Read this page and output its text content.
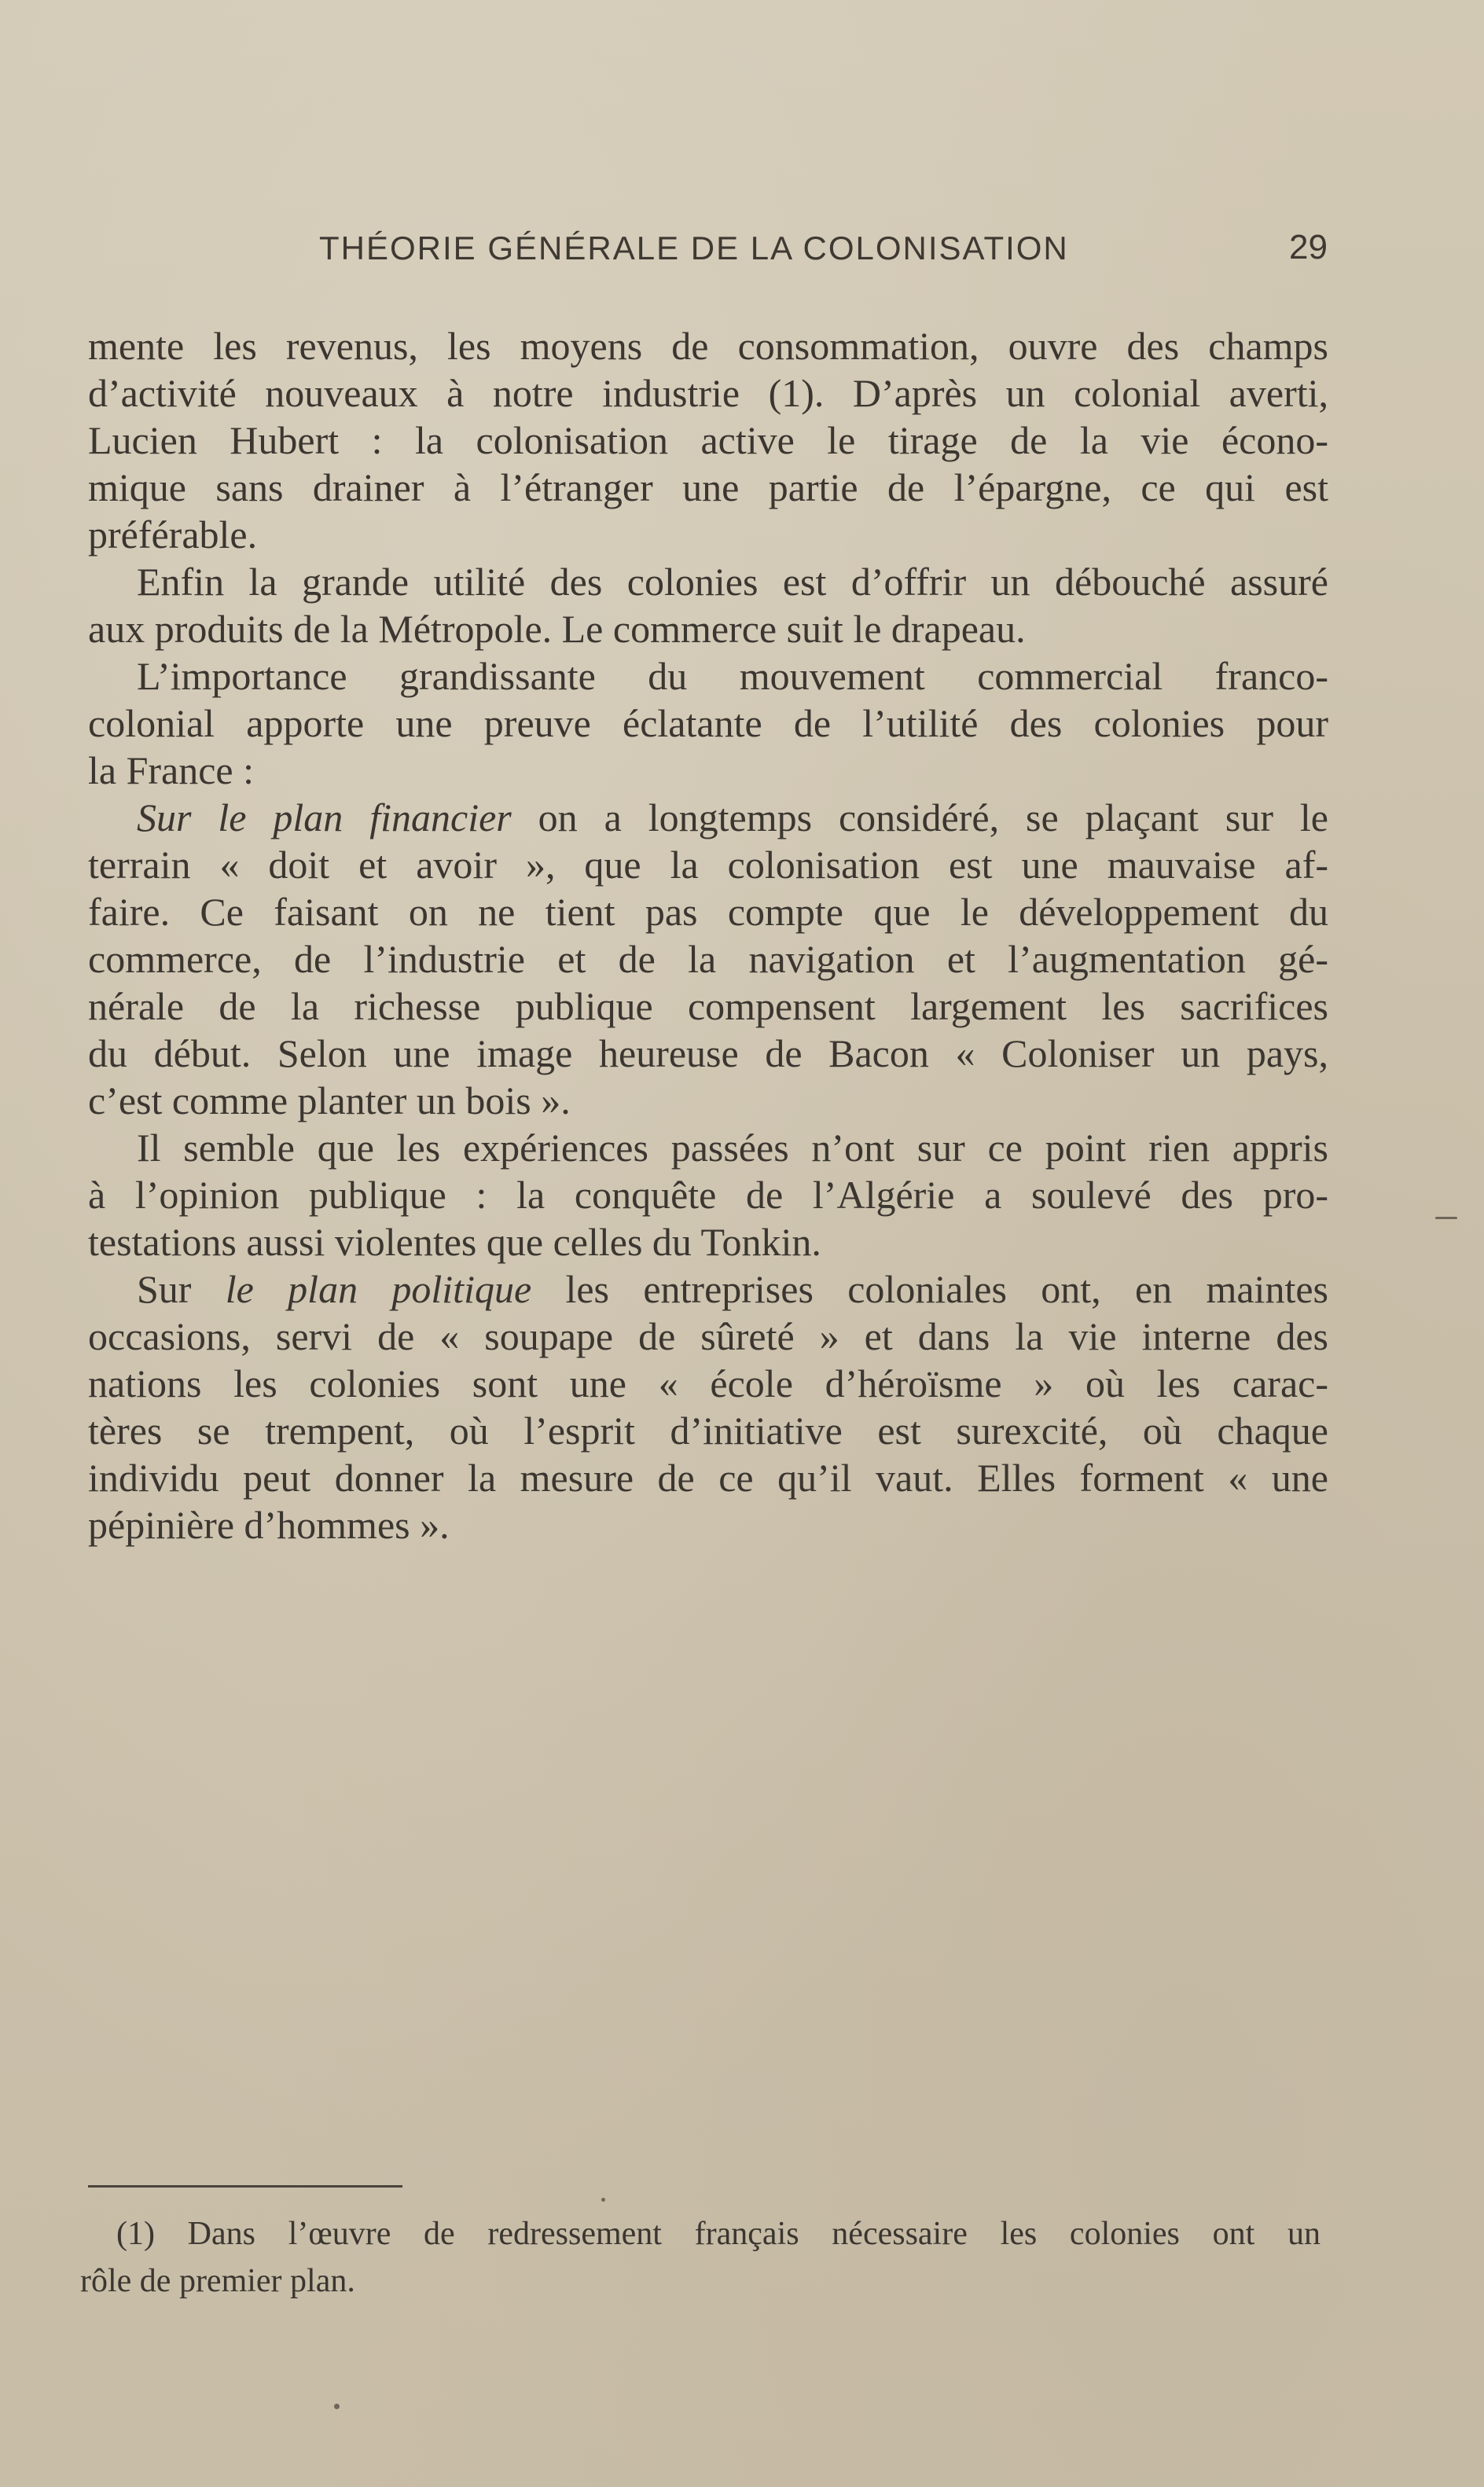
THÉORIE GÉNÉRALE DE LA COLONISATION	29
mente les revenus, les moyens de consommation, ouvre des champs
d’activité nouveaux à notre industrie (1). D’après un colonial averti,
Lucien Hubert : la colonisation active le tirage de la vie écono-
mique sans drainer à l’étranger une partie de l’épargne, ce qui est
préférable.
Enfin la grande utilité des colonies est d’offrir un débouché assuré
aux produits de la Métropole. Le commerce suit le drapeau.
L’importance grandissante du mouvement commercial franco-
colonial apporte une preuve éclatante de l’utilité des colonies pour
la France :
Sur le plan financier on a longtemps considéré, se plaçant sur le
terrain « doit et avoir », que la colonisation est une mauvaise af-
faire. Ce faisant on ne tient pas compte que le développement du
commerce, de l’industrie et de la navigation et l’augmentation gé-
nérale de la richesse publique compensent largement les sacrifices
du début. Selon une image heureuse de Bacon « Coloniser un pays,
c’est comme planter un bois ».
Il semble que les expériences passées n’ont sur ce point rien appris
à l’opinion publique : la conquête de l’Algérie a soulevé des pro-
testations aussi violentes que celles du Tonkin.
Sur le plan politique les entreprises coloniales ont, en maintes
occasions, servi de « soupape de sûreté » et dans la vie interne des
nations les colonies sont une « école d’héroïsme » où les carac-
tères se trempent, où l’esprit d’initiative est surexcité, où chaque
individu peut donner la mesure de ce qu’il vaut. Elles forment « une
pépinière d’hommes ».
(1) Dans l’œuvre de redressement français nécessaire les colonies ont un
rôle de premier plan.
